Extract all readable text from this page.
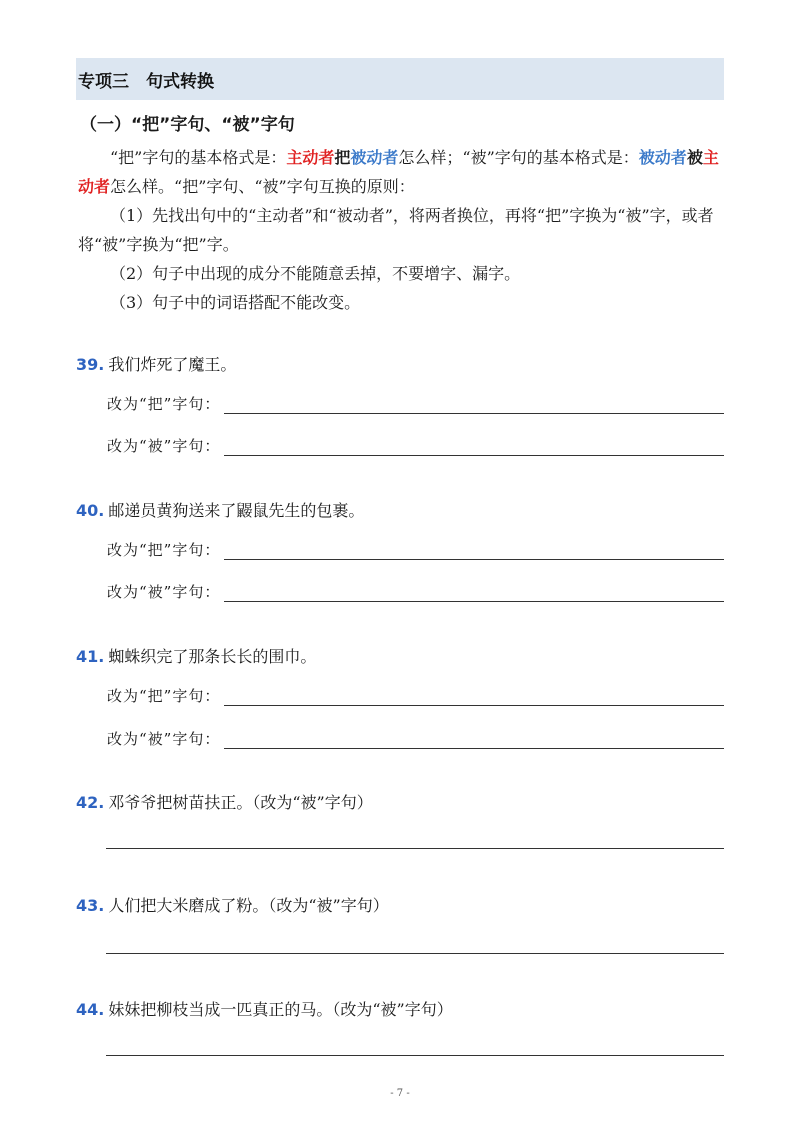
专项三　句式转换
（一）“把”字句、“被”字句

“把”字句的基本格式是：主动者把被动者怎么样；“被”字句的基本格式是：被动者被主动者怎么样。“把”字句、“被”字句互换的原则：

（1）先找出句中的“主动者”和“被动者”，将两者换位，再将“把”字换为“被”字，或者将“被”字换为“把”字。

（2）句子中出现的成分不能随意丢掉，不要增字、漏字。

（3）句子中的词语搭配不能改变。

39. 我们炸死了魔王。
改为“把”字句：
改为“被”字句：
40. 邮递员黄狗送来了鼹鼠先生的包裹。
改为“把”字句：
改为“被”字句：
41. 蜘蛛织完了那条长长的围巾。
改为“把”字句：
改为“被”字句：
42. 邓爷爷把树苗扶正。（改为“被”字句）
43. 人们把大米磨成了粉。（改为“被”字句）
44. 妹妹把柳枝当成一匹真正的马。（改为“被”字句）
- 7 -
